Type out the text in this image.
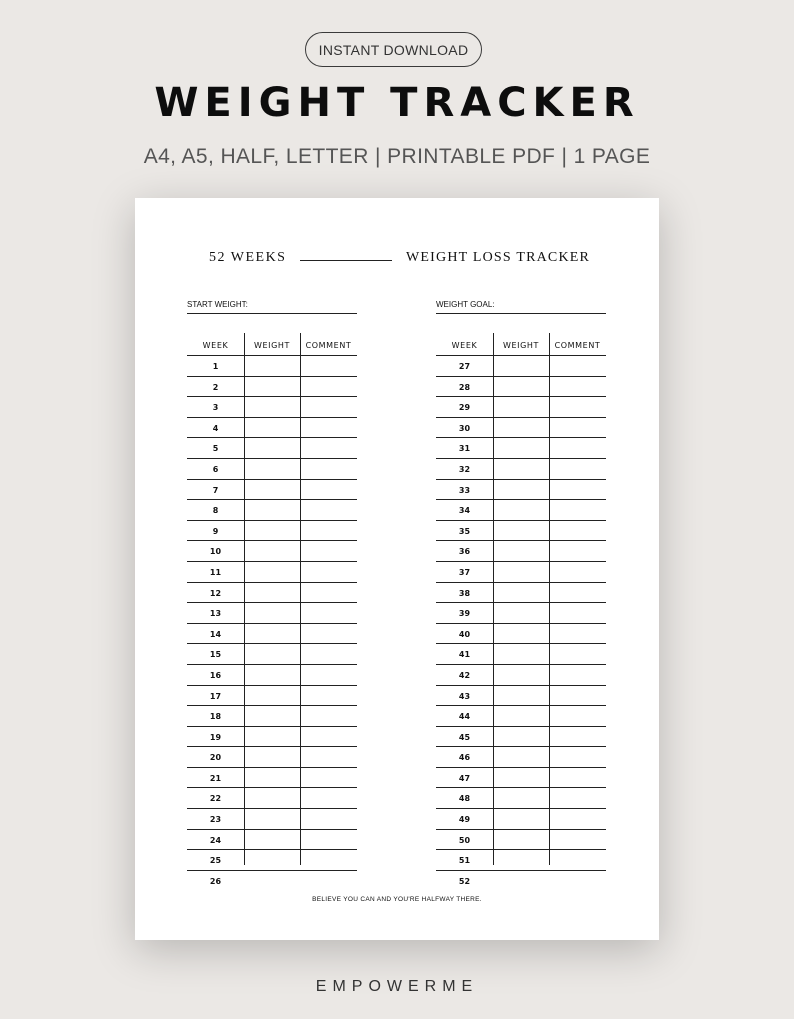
INSTANT DOWNLOAD
WEIGHT TRACKER
A4, A5, HALF, LETTER | PRINTABLE PDF | 1 PAGE
52 WEEKS	WEIGHT LOSS TRACKER
START WEIGHT:	WEIGHT GOAL:
WEEK	WEIGHT	COMMENT
1
2
3
4
5
6
7
8
9
10
11
12
13
14
15
16
17
18
19
20
21
22
23
24
25
26
WEEK	WEIGHT	COMMENT
27
28
29
30
31
32
33
34
35
36
37
38
39
40
41
42
43
44
45
46
47
48
49
50
51
52
BELIEVE YOU CAN AND YOU'RE HALFWAY THERE.
EMPOWERME
